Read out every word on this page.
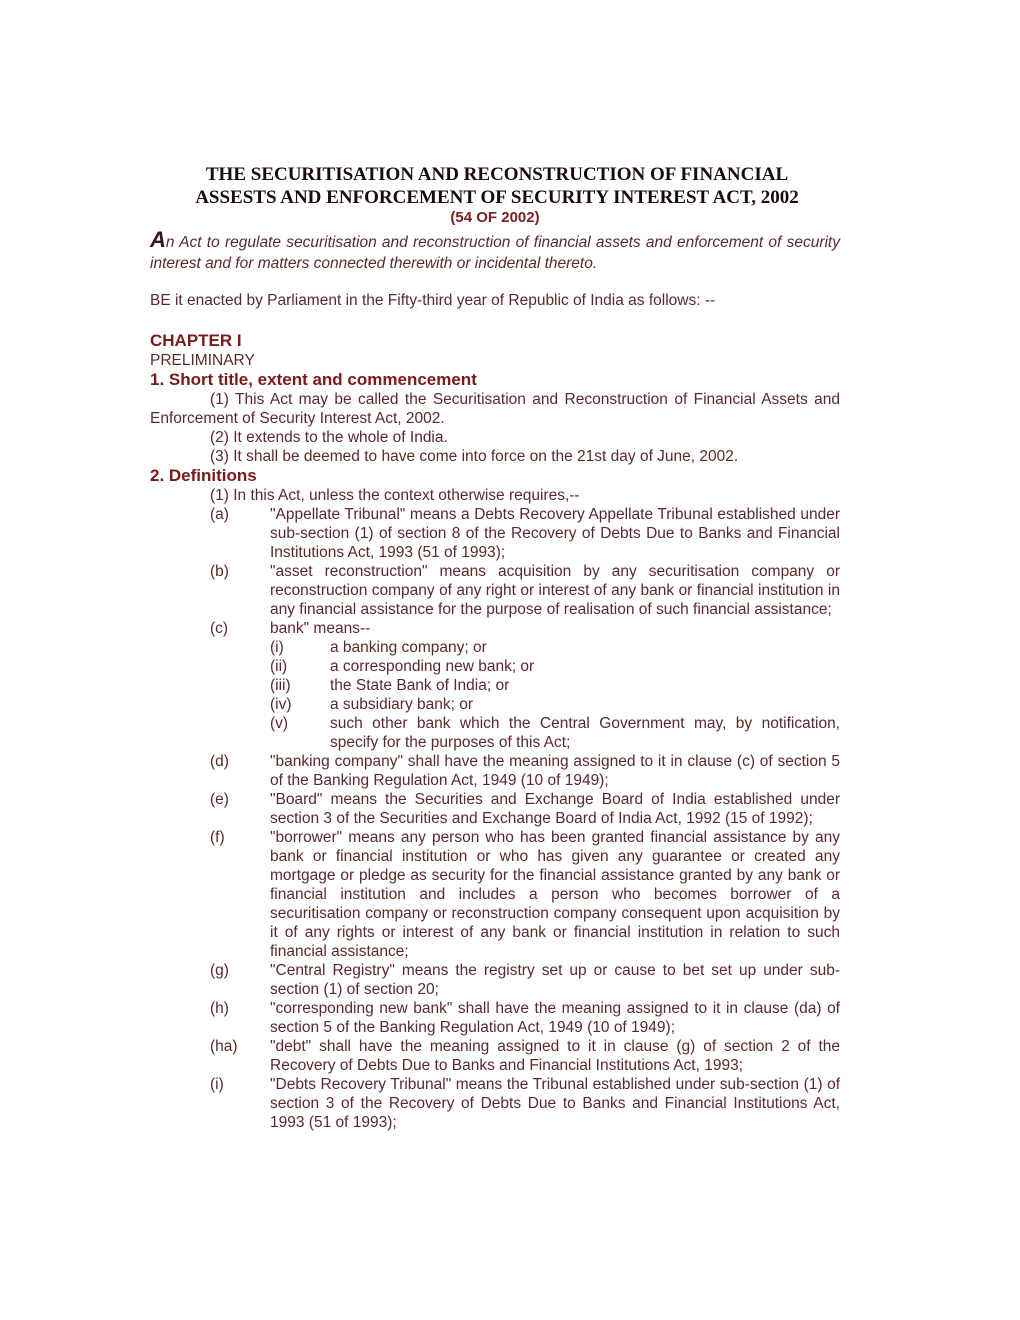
THE SECURITISATION AND RECONSTRUCTION OF FINANCIAL

ASSESTS AND ENFORCEMENT OF SECURITY INTEREST ACT, 2002

(54 OF 2002)

An Act to regulate securitisation and reconstruction of financial assets and enforcement of security interest and for matters connected therewith or incidental thereto.

BE it enacted by Parliament in the Fifty-third year of Republic of India as follows: --

CHAPTER I

PRELIMINARY

1. Short title, extent and commencement

(1) This Act may be called the Securitisation and Reconstruction of Financial Assets and Enforcement of Security Interest Act, 2002.

(2) It extends to the whole of India.

(3) It shall be deemed to have come into force on the 21st day of June, 2002.

2. Definitions

(1) In this Act, unless the context otherwise requires,--

(a)	"Appellate Tribunal" means a Debts Recovery Appellate Tribunal established under sub-section (1) of section 8 of the Recovery of Debts Due to Banks and Financial Institutions Act, 1993 (51 of 1993);
(b)	"asset reconstruction" means acquisition by any securitisation company or reconstruction company of any right or interest of any bank or financial institution in any financial assistance for the purpose of realisation of such financial assistance;
(c)	bank" means--
(i)	a banking company; or
(ii)	a corresponding new bank; or
(iii)	the State Bank of India; or
(iv)	a subsidiary bank; or
(v)	such other bank which the Central Government may, by notification, specify for the purposes of this Act;
(d)	"banking company" shall have the meaning assigned to it in clause (c) of section 5 of the Banking Regulation Act, 1949 (10 of 1949);
(e)	"Board" means the Securities and Exchange Board of India established under section 3 of the Securities and Exchange Board of India Act, 1992 (15 of 1992);
(f)	"borrower" means any person who has been granted financial assistance by any bank or financial institution or who has given any guarantee or created any mortgage or pledge as security for the financial assistance granted by any bank or financial institution and includes a person who becomes borrower of a securitisation company or reconstruction company consequent upon acquisition by it of any rights or interest of any bank or financial institution in relation to such financial assistance;
(g)	"Central Registry" means the registry set up or cause to bet set up under sub-section (1) of section 20;
(h)	"corresponding new bank" shall have the meaning assigned to it in clause (da) of section 5 of the Banking Regulation Act, 1949 (10 of 1949);
(ha)	"debt" shall have the meaning assigned to it in clause (g) of section 2 of the Recovery of Debts Due to Banks and Financial Institutions Act, 1993;
(i)	"Debts Recovery Tribunal" means the Tribunal established under sub-section (1) of section 3 of the Recovery of Debts Due to Banks and Financial Institutions Act, 1993 (51 of 1993);
